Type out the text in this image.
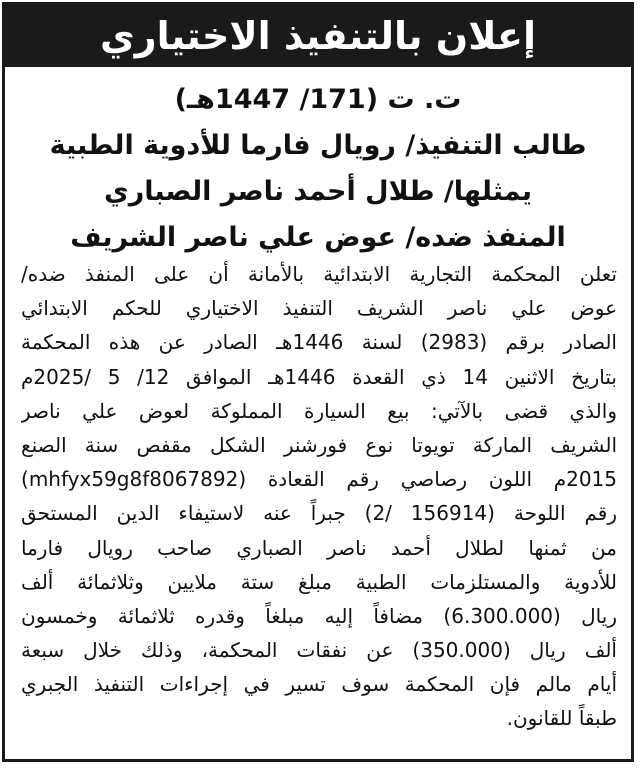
إعلان بالتنفيذ الاختياري
ت. ت (171/ 1447هـ)
طالب التنفيذ/ رويال فارما للأدوية الطبية
يمثلها/ طلال أحمد ناصر الصباري
المنفذ ضده/ عوض علي ناصر الشريف
تعلن المحكمة التجارية الابتدائية بالأمانة أن على المنفذ ضده/
عوض علي ناصر الشريف التنفيذ الاختياري للحكم الابتدائي
الصادر برقم (2983) لسنة 1446هـ الصادر عن هذه المحكمة
بتاريخ الاثنين 14 ذي القعدة 1446هـ الموافق 12/ 5 /2025م
والذي قضى بالآتي: بيع السيارة المملوكة لعوض علي ناصر
الشريف الماركة تويوتا نوع فورشنر الشكل مقفص سنة الصنع
2015م اللون رصاصي رقم القعادة (mhfyx59g8f8067892)
رقم اللوحة (156914 /2) جبراً عنه لاستيفاء الدين المستحق
من ثمنها لطلال أحمد ناصر الصباري صاحب رويال فارما
للأدوية والمستلزمات الطبية مبلغ ستة ملايين وثلاثمائة ألف
ريال (6.300.000) مضافاً إليه مبلغاً وقدره ثلاثمائة وخمسون
ألف ريال (350.000) عن نفقات المحكمة، وذلك خلال سبعة
أيام مالم فإن المحكمة سوف تسير في إجراءات التنفيذ الجبري
طبقاً للقانون.
